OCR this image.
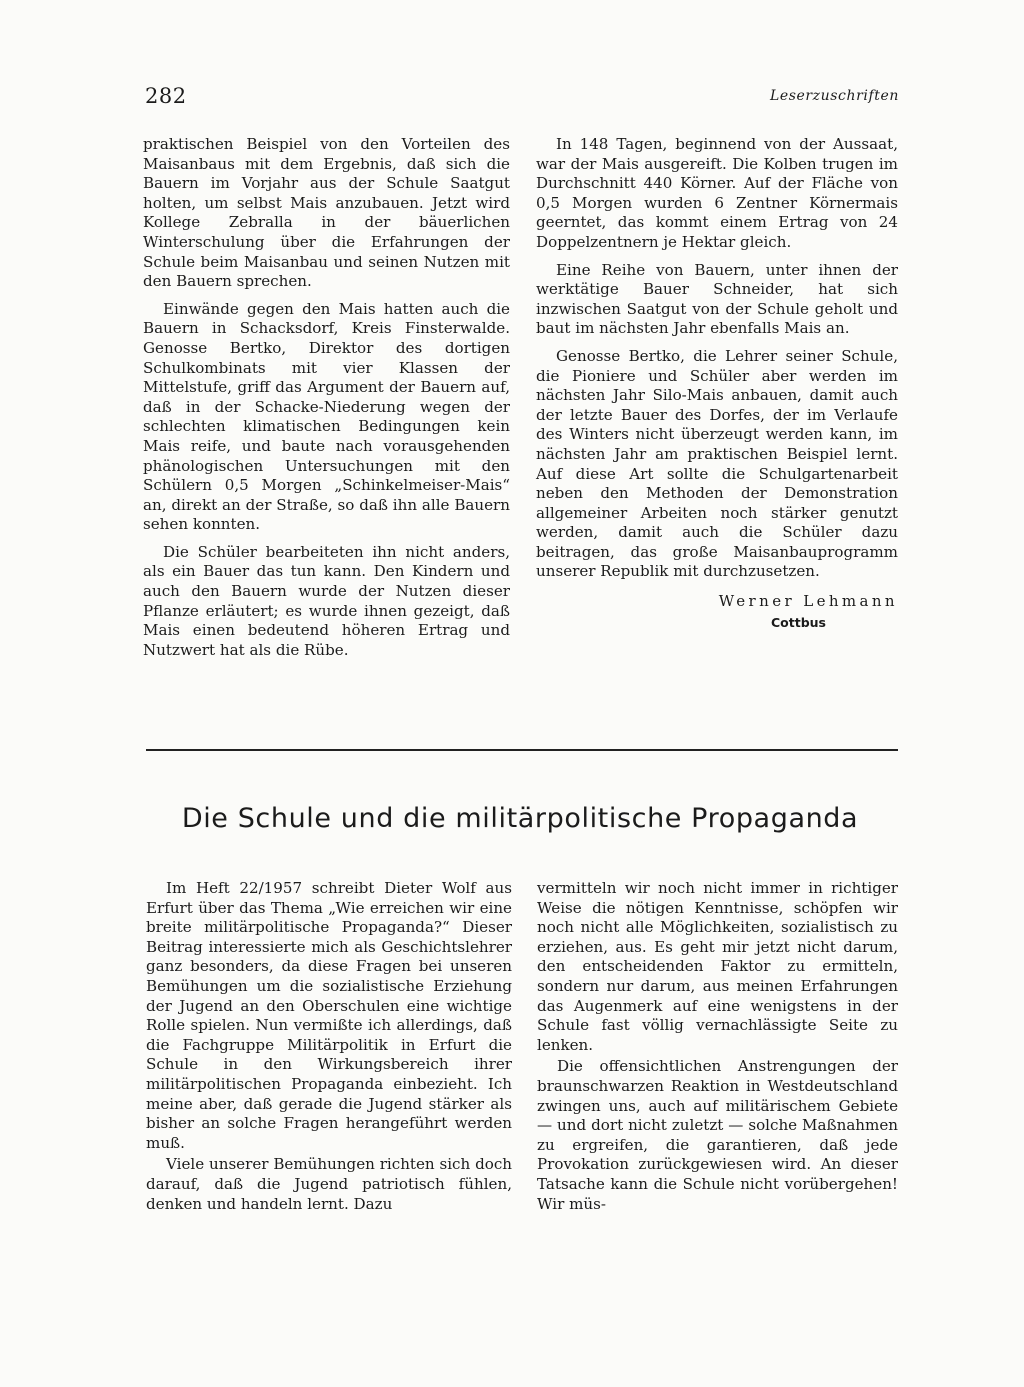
282	Leserzuschriften

praktischen Beispiel von den Vorteilen des Maisanbaus mit dem Ergebnis, daß sich die Bauern im Vorjahr aus der Schule Saatgut holten, um selbst Mais anzubauen. Jetzt wird Kollege Zebralla in der bäuerlichen Winterschulung über die Erfahrungen der Schule beim Maisanbau und seinen Nutzen mit den Bauern sprechen.

Einwände gegen den Mais hatten auch die Bauern in Schacksdorf, Kreis Finsterwalde. Genosse Bertko, Direktor des dortigen Schulkombinats mit vier Klassen der Mittelstufe, griff das Argument der Bauern auf, daß in der Schacke-Niederung wegen der schlechten klimatischen Bedingungen kein Mais reife, und baute nach vorausgehenden phänologischen Untersuchungen mit den Schülern 0,5 Morgen „Schinkelmeiser-Mais“ an, direkt an der Straße, so daß ihn alle Bauern sehen konnten.

Die Schüler bearbeiteten ihn nicht anders, als ein Bauer das tun kann. Den Kindern und auch den Bauern wurde der Nutzen dieser Pflanze erläutert; es wurde ihnen gezeigt, daß Mais einen bedeutend höheren Ertrag und Nutzwert hat als die Rübe.

In 148 Tagen, beginnend von der Aussaat, war der Mais ausgereift. Die Kolben trugen im Durchschnitt 440 Körner. Auf der Fläche von 0,5 Morgen wurden 6 Zentner Körnermais geerntet, das kommt einem Ertrag von 24 Doppelzentnern je Hektar gleich.

Eine Reihe von Bauern, unter ihnen der werktätige Bauer Schneider, hat sich inzwischen Saatgut von der Schule geholt und baut im nächsten Jahr ebenfalls Mais an.

Genosse Bertko, die Lehrer seiner Schule, die Pioniere und Schüler aber werden im nächsten Jahr Silo-Mais anbauen, damit auch der letzte Bauer des Dorfes, der im Verlaufe des Winters nicht überzeugt werden kann, im nächsten Jahr am praktischen Beispiel lernt. Auf diese Art sollte die Schulgartenarbeit neben den Methoden der Demonstration allgemeiner Arbeiten noch stärker genutzt werden, damit auch die Schüler dazu beitragen, das große Maisanbauprogramm unserer Republik mit durchzusetzen.

Werner Lehmann
Cottbus
Die Schule und die militärpolitische Propaganda

Im Heft 22/1957 schreibt Dieter Wolf aus Erfurt über das Thema „Wie erreichen wir eine breite militärpolitische Propaganda?“ Dieser Beitrag interessierte mich als Geschichtslehrer ganz besonders, da diese Fragen bei unseren Bemühungen um die sozialistische Erziehung der Jugend an den Oberschulen eine wichtige Rolle spielen. Nun vermißte ich allerdings, daß die Fachgruppe Militärpolitik in Erfurt die Schule in den Wirkungsbereich ihrer militärpolitischen Propaganda einbezieht. Ich meine aber, daß gerade die Jugend stärker als bisher an solche Fragen herangeführt werden muß.

Viele unserer Bemühungen richten sich doch darauf, daß die Jugend patriotisch fühlen, denken und handeln lernt. Dazu

vermitteln wir noch nicht immer in richtiger Weise die nötigen Kenntnisse, schöpfen wir noch nicht alle Möglichkeiten, sozialistisch zu erziehen, aus. Es geht mir jetzt nicht darum, den entscheidenden Faktor zu ermitteln, sondern nur darum, aus meinen Erfahrungen das Augenmerk auf eine wenigstens in der Schule fast völlig vernachlässigte Seite zu lenken.

Die offensichtlichen Anstrengungen der braunschwarzen Reaktion in Westdeutschland zwingen uns, auch auf militärischem Gebiete — und dort nicht zuletzt — solche Maßnahmen zu ergreifen, die garantieren, daß jede Provokation zurückgewiesen wird. An dieser Tatsache kann die Schule nicht vorübergehen! Wir müs-
